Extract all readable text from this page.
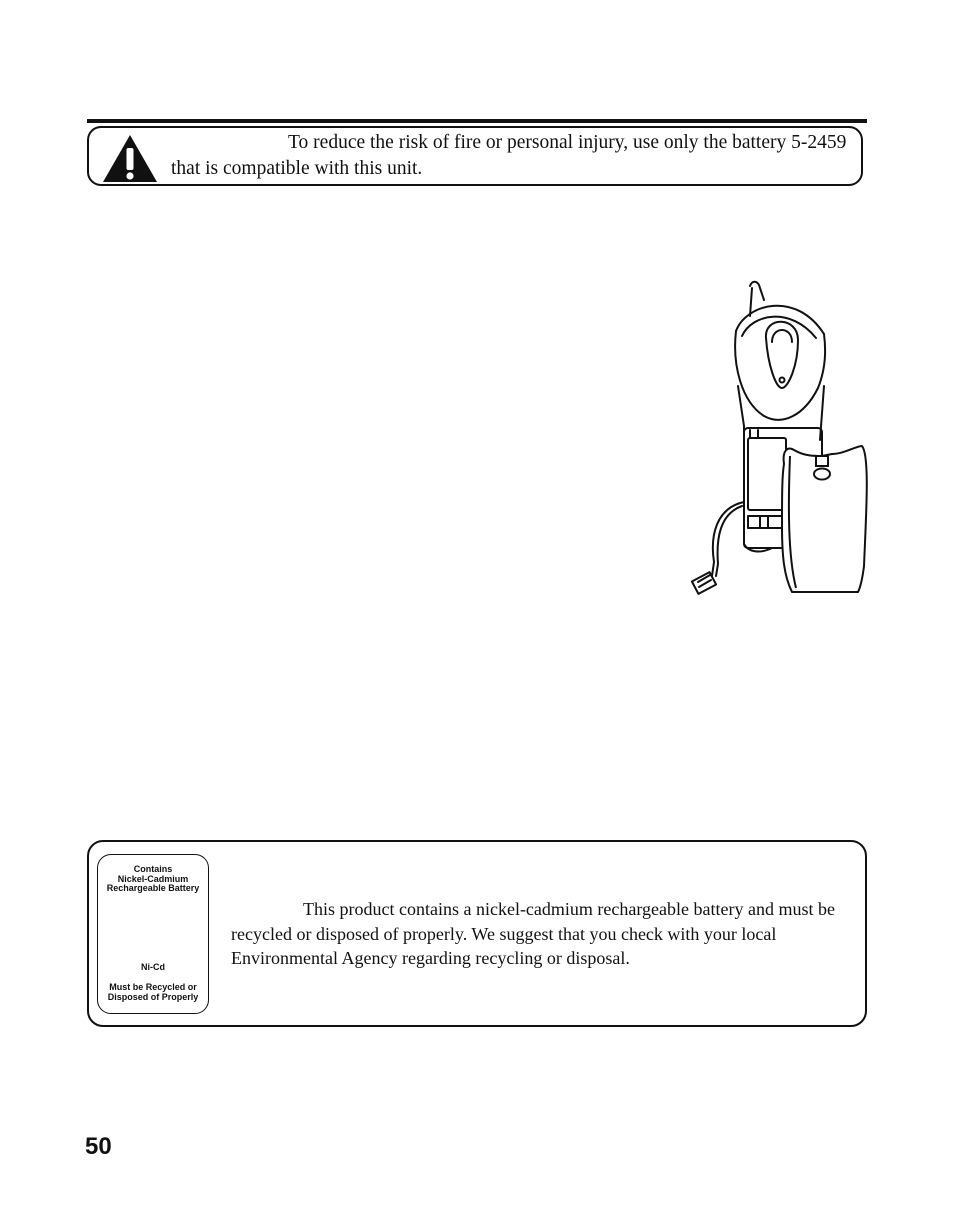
To reduce the risk of fire or personal injury, use only the battery 5-2459 that is compatible with this unit.
Contains
Nickel-Cadmium
Rechargeable Battery
Ni-Cd
Must be Recycled or
Disposed of Properly
This product contains a nickel-cadmium rechargeable battery and must be recycled or disposed of properly. We suggest that you check with your local Environmental Agency regarding recycling or disposal.
50
